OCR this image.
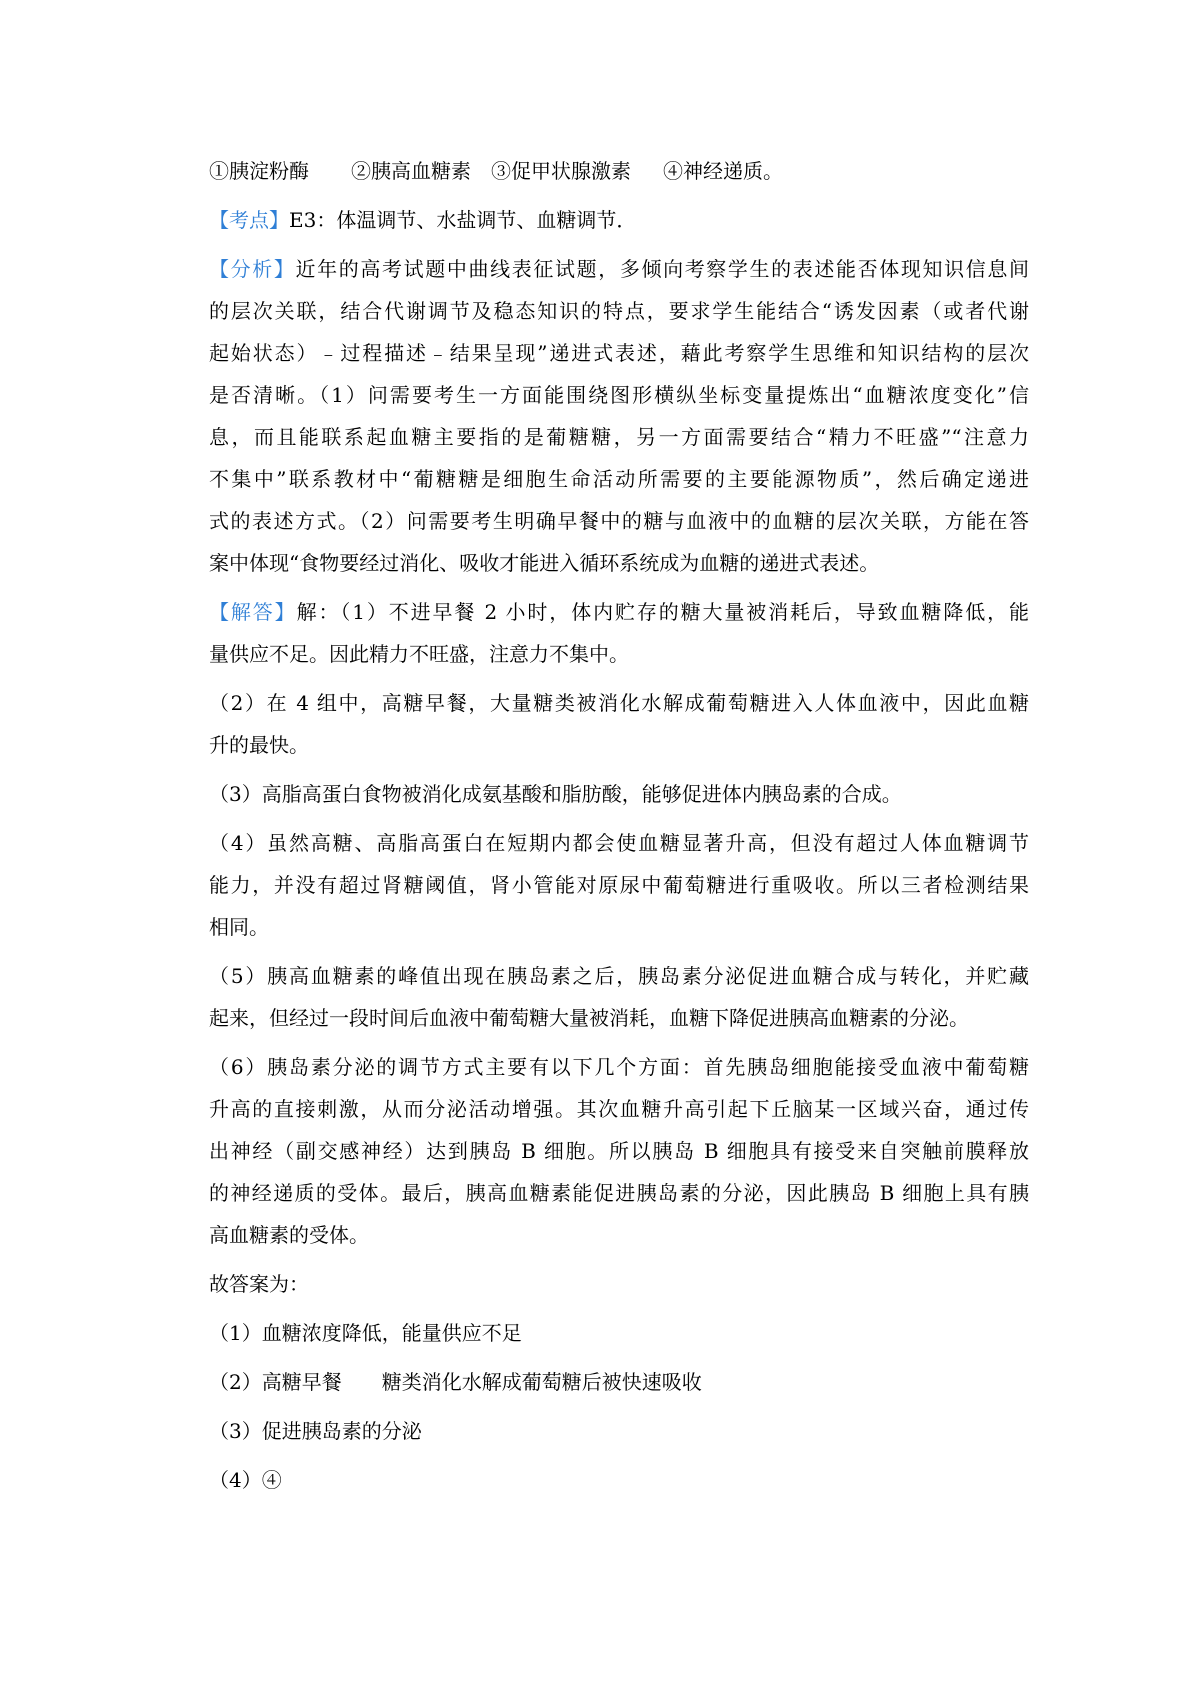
①胰淀粉酶 ②胰高血糖素 ③促甲状腺激素 ④神经递质。
【考点】E3：体温调节、水盐调节、血糖调节．
【分析】近年的高考试题中曲线表征试题，多倾向考察学生的表述能否体现知识信息间
的层次关联，结合代谢调节及稳态知识的特点，要求学生能结合“诱发因素（或者代谢
起始状态）﹣过程描述﹣结果呈现”递进式表述，藉此考察学生思维和知识结构的层次
是否清晰。（1）问需要考生一方面能围绕图形横纵坐标变量提炼出“血糖浓度变化”信
息，而且能联系起血糖主要指的是葡糖糖，另一方面需要结合“精力不旺盛”“注意力
不集中”联系教材中“葡糖糖是细胞生命活动所需要的主要能源物质”，然后确定递进
式的表述方式。（2）问需要考生明确早餐中的糖与血液中的血糖的层次关联，方能在答
案中体现“食物要经过消化、吸收才能进入循环系统成为血糖的递进式表述。
【解答】解：（1）不进早餐 2 小时，体内贮存的糖大量被消耗后，导致血糖降低，能
量供应不足。因此精力不旺盛，注意力不集中。
（2）在 4 组中，高糖早餐，大量糖类被消化水解成葡萄糖进入人体血液中，因此血糖
升的最快。
（3）高脂高蛋白食物被消化成氨基酸和脂肪酸，能够促进体内胰岛素的合成。
（4）虽然高糖、高脂高蛋白在短期内都会使血糖显著升高，但没有超过人体血糖调节
能力，并没有超过肾糖阈值，肾小管能对原尿中葡萄糖进行重吸收。所以三者检测结果
相同。
（5）胰高血糖素的峰值出现在胰岛素之后，胰岛素分泌促进血糖合成与转化，并贮藏
起来，但经过一段时间后血液中葡萄糖大量被消耗，血糖下降促进胰高血糖素的分泌。
（6）胰岛素分泌的调节方式主要有以下几个方面：首先胰岛细胞能接受血液中葡萄糖
升高的直接刺激，从而分泌活动增强。其次血糖升高引起下丘脑某一区域兴奋，通过传
出神经（副交感神经）达到胰岛 B 细胞。所以胰岛 B 细胞具有接受来自突触前膜释放
的神经递质的受体。最后，胰高血糖素能促进胰岛素的分泌，因此胰岛 B 细胞上具有胰
高血糖素的受体。
故答案为：
（1）血糖浓度降低，能量供应不足
（2）高糖早餐 糖类消化水解成葡萄糖后被快速吸收
（3）促进胰岛素的分泌
（4）④
